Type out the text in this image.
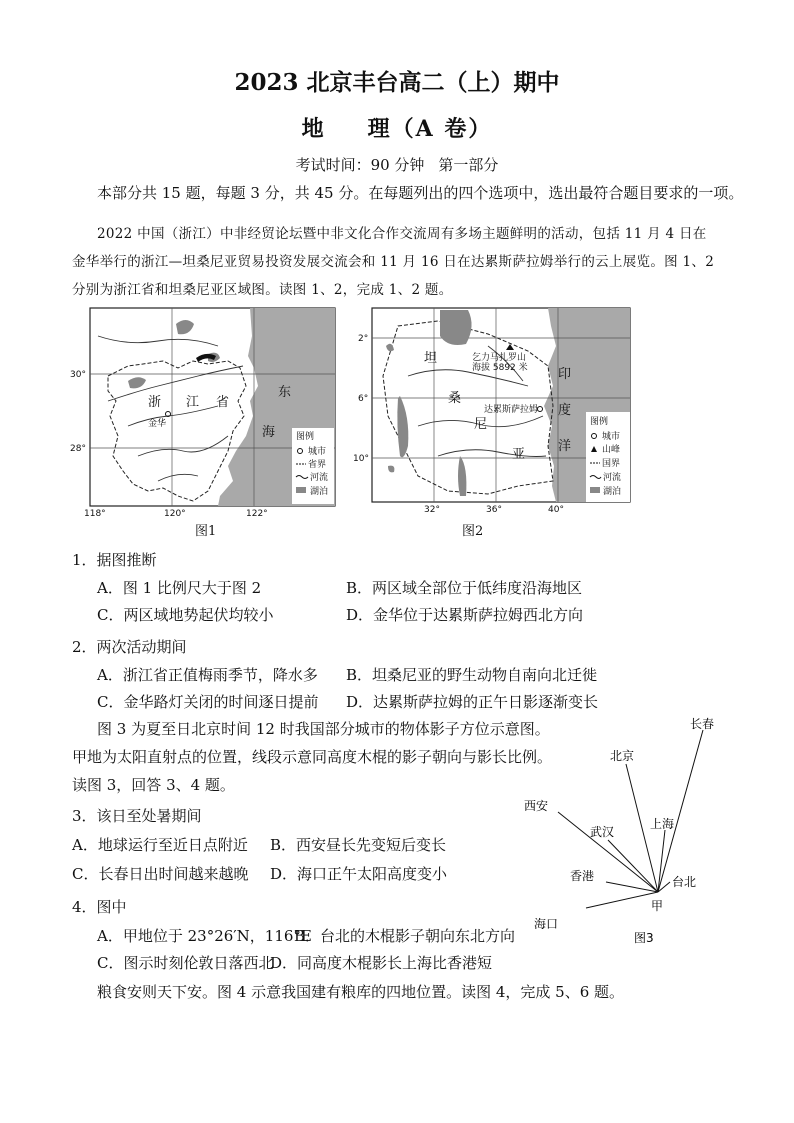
2023 北京丰台高二（上）期中
地 理（A 卷）
考试时间：90 分钟 第一部分
本部分共 15 题，每题 3 分，共 45 分。在每题列出的四个选项中，选出最符合题目要求的一项。
2022 中国（浙江）中非经贸论坛暨中非文化合作交流周有多场主题鲜明的活动，包括 11 月 4 日在
金华举行的浙江—坦桑尼亚贸易投资发展交流会和 11 月 16 日在达累斯萨拉姆举行的云上展览。图 1、2
分别为浙江省和坦桑尼亚区域图。读图 1、2，完成 1、2 题。
30°
28°
118°	120°	122°
浙 江 省
东
海
金华
图例
城市
省界
河流
湖泊
图1
2°
6°
10°
32°	36°	40°
坦
桑
尼
亚
印
度
洋
乞力马扎罗山
海拔 5892 米
达累斯萨拉姆
图例
城市
山峰
国界
河流
湖泊
图2
1．据图推断
A．图 1 比例尺大于图 2	B．两区域全部位于低纬度沿海地区
C．两区域地势起伏均较小	D．金华位于达累斯萨拉姆西北方向
2．两次活动期间
A．浙江省正值梅雨季节，降水多 B．坦桑尼亚的野生动物自南向北迁徙
C．金华路灯关闭的时间逐日提前 D．达累斯萨拉姆的正午日影逐渐变长
图 3 为夏至日北京时间 12 时我国部分城市的物体影子方位示意图。
甲地为太阳直射点的位置，线段示意同高度木棍的影子朝向与影长比例。
读图 3，回答 3、4 题。
3．该日至处暑期间
A．地球运行至近日点附近 B．西安昼长先变短后变长
C．长春日出时间越来越晚 D．海口正午太阳高度变小
4．图中
A．甲地位于 23°26′N，116°E
B．台北的木棍影子朝向东北方向
C．图示时刻伦敦日落西北
D．同高度木棍影长上海比香港短
粮食安则天下安。图 4 示意我国建有粮库的四地位置。读图 4，完成 5、6 题。
长春
北京
西安
武汉
上海
台北
香港
海口
甲
图3
